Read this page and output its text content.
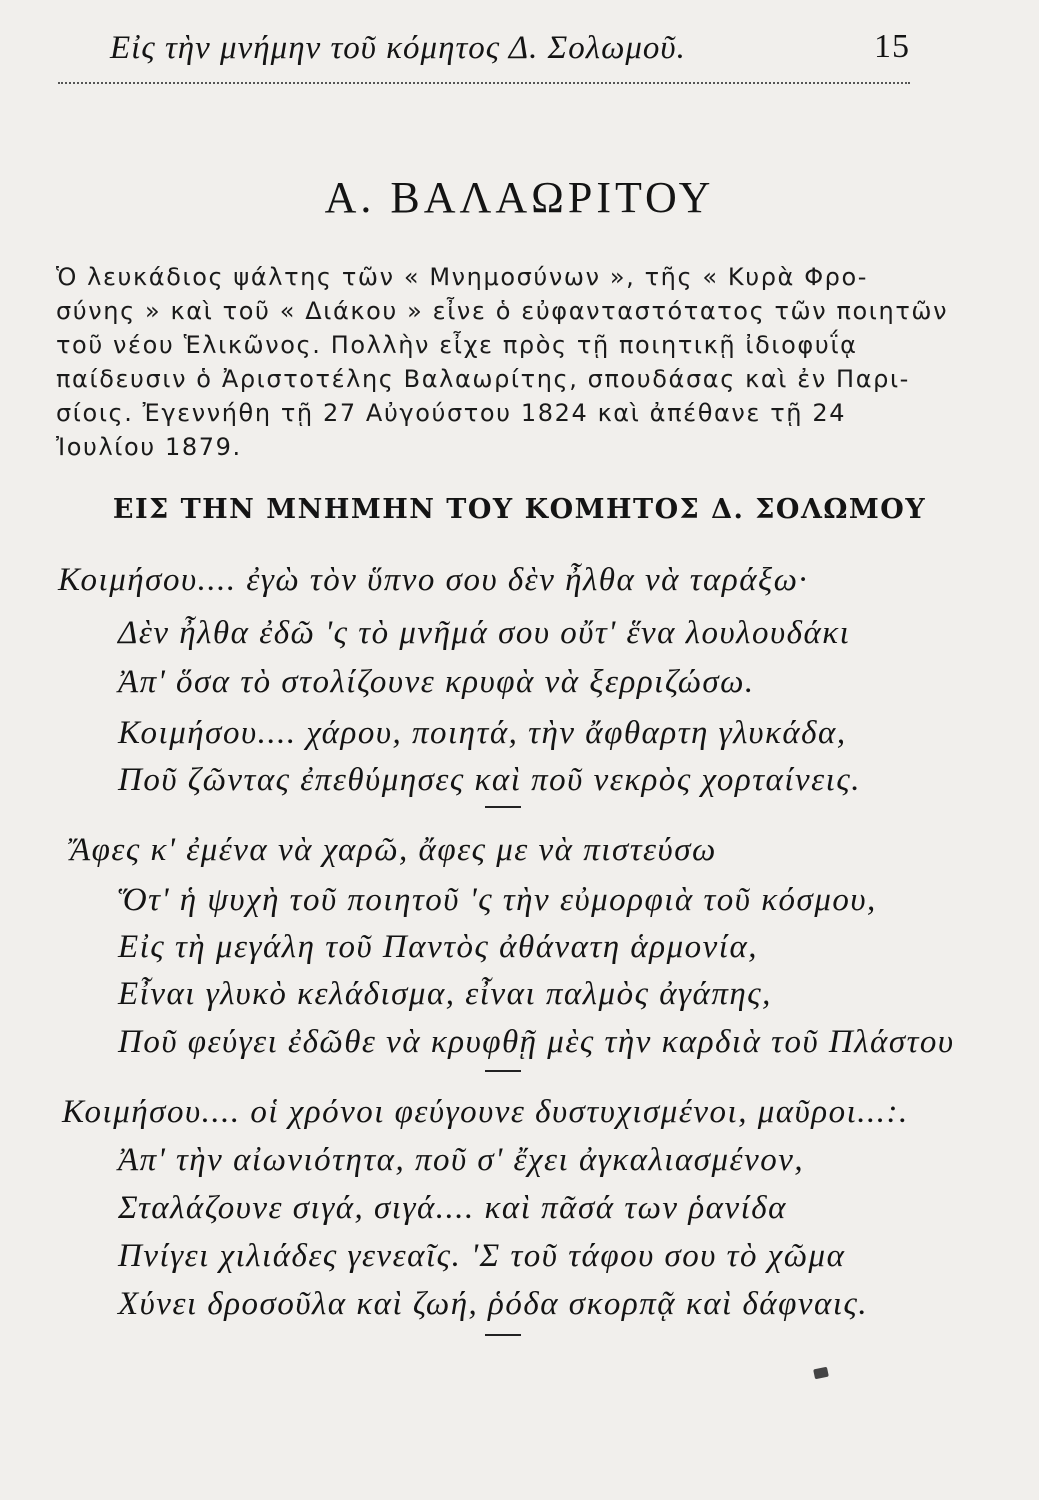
Εἰς τὴν μνήμην τοῦ κόμητος Δ. Σολωμοῦ.	15
Α. ΒΑΛΑΩΡΙΤΟΥ
Ὁ λευκάδιος ψάλτης τῶν « Μνημοσύνων », τῆς « Κυρὰ Φρο-
σύνης » καὶ τοῦ « Διάκου » εἶνε ὁ εὐφανταστότατος τῶν ποιητῶν
τοῦ νέου Ἑλικῶνος. Πολλὴν εἶχε πρὸς τῇ ποιητικῇ ἰδιοφυΐᾳ
παίδευσιν ὁ Ἀριστοτέλης Βαλαωρίτης, σπουδάσας καὶ ἐν Παρι-
σίοις. Ἐγεννήθη τῇ 27 Αὐγούστου 1824 καὶ ἀπέθανε τῇ 24
Ἰουλίου 1879.
ΕΙΣ ΤΗΝ ΜΝΗΜΗΝ ΤΟΥ ΚΟΜΗΤΟΣ Δ. ΣΟΛΩΜΟΥ
Κοιμήσου.... ἐγὼ τὸν ὕπνο σου δὲν ἦλθα νὰ ταράξω·
Δὲν ἦλθα ἐδῶ 'ς τὸ μνῆμά σου οὔτ' ἕνα λουλουδάκι
Ἀπ' ὅσα τὸ στολίζουνε κρυφὰ νὰ ξερριζώσω.
Κοιμήσου.... χάρου, ποιητά, τὴν ἄφθαρτη γλυκάδα,
Ποῦ ζῶντας ἐπεθύμησες καὶ ποῦ νεκρὸς χορταίνεις.
Ἄφες κ' ἐμένα νὰ χαρῶ, ἄφες με νὰ πιστεύσω
Ὅτ' ἡ ψυχὴ τοῦ ποιητοῦ 'ς τὴν εὐμορφιὰ τοῦ κόσμου,
Εἰς τὴ μεγάλη τοῦ Παντὸς ἀθάνατη ἁρμονία,
Εἶναι γλυκὸ κελάδισμα, εἶναι παλμὸς ἀγάπης,
Ποῦ φεύγει ἐδῶθε νὰ κρυφθῇ μὲς τὴν καρδιὰ τοῦ Πλάστου
Κοιμήσου.... οἱ χρόνοι φεύγουνε δυστυχισμένοι, μαῦροι...:.
Ἀπ' τὴν αἰωνιότητα, ποῦ σ' ἔχει ἀγκαλιασμένον,
Σταλάζουνε σιγά, σιγά.... καὶ πᾶσά των ῥανίδα
Πνίγει χιλιάδες γενεαῖς. 'Σ τοῦ τάφου σου τὸ χῶμα
Χύνει δροσοῦλα καὶ ζωή, ῥόδα σκορπᾷ καὶ δάφναις.
